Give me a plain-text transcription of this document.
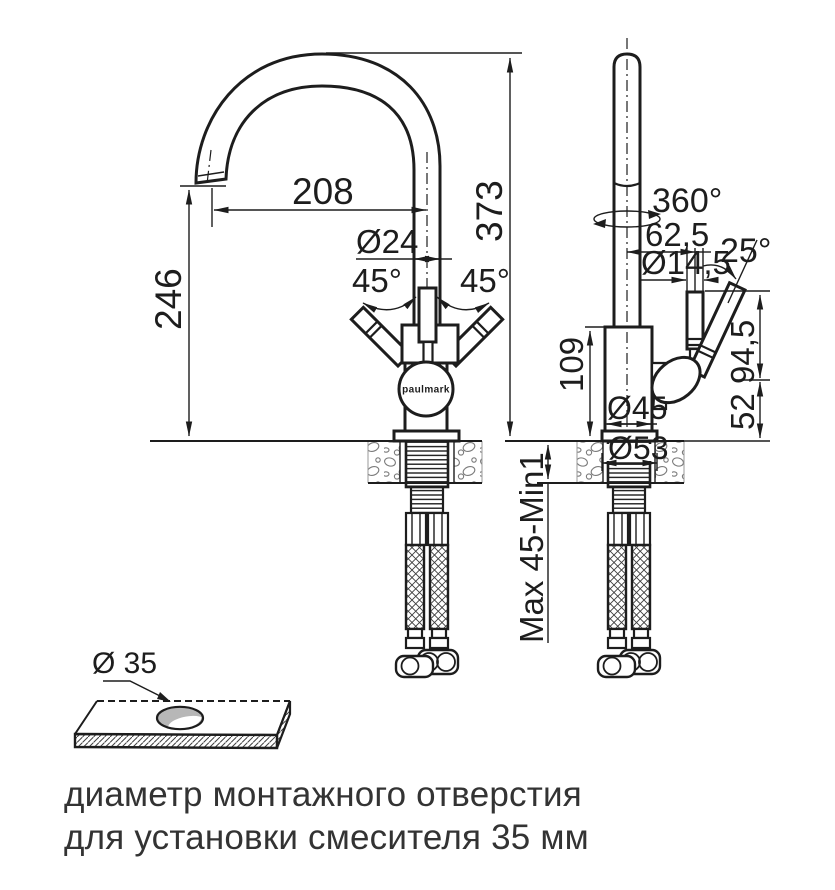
paulmark
373
246
208
Ø24
45° 45°
360°
62,5
Ø14,5
25°
94,5
52
109
Ø45
Ø53
Max 45-Min1
Ø 35
диаметр монтажного отверстия
для установки смесителя 35 мм
